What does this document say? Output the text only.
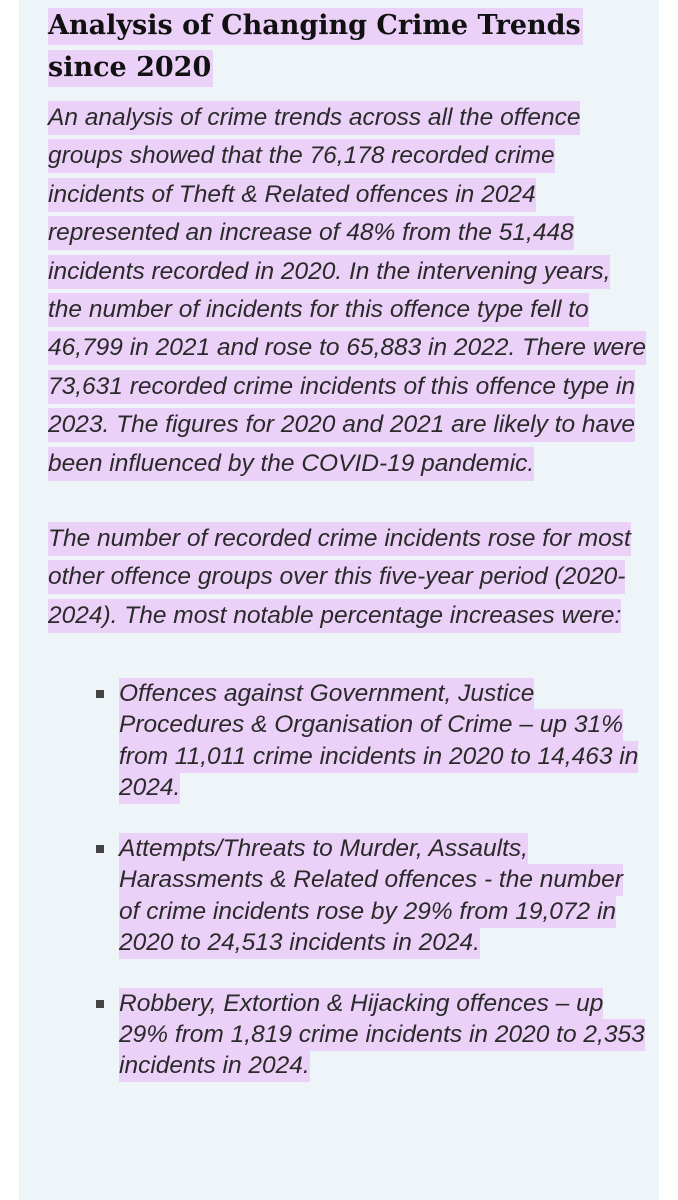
Analysis of Changing Crime Trends since 2020

An analysis of crime trends across all the offence groups showed that the 76,178 recorded crime incidents of Theft & Related offences in 2024 represented an increase of 48% from the 51,448 incidents recorded in 2020. In the intervening years, the number of incidents for this offence type fell to 46,799 in 2021 and rose to 65,883 in 2022. There were 73,631 recorded crime incidents of this offence type in 2023. The figures for 2020 and 2021 are likely to have been influenced by the COVID-19 pandemic.

The number of recorded crime incidents rose for most other offence groups over this five-year period (2020-2024). The most notable percentage increases were:

Offences against Government, Justice Procedures & Organisation of Crime – up 31% from 11,011 crime incidents in 2020 to 14,463 in 2024.
Attempts/Threats to Murder, Assaults, Harassments & Related offences - the number of crime incidents rose by 29% from 19,072 in 2020 to 24,513 incidents in 2024.
Robbery, Extortion & Hijacking offences – up 29% from 1,819 crime incidents in 2020 to 2,353 incidents in 2024.
